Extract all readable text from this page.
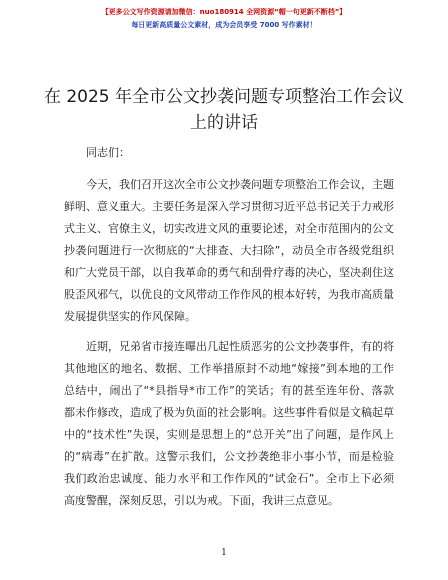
【更多公文写作资源请加微信：nuo180914 全网资源“帽一句更新不断档”】
每日更新高质量公文素材，成为会员享受 7000 写作素材！
在 2025 年全市公文抄袭问题专项整治工作会议上的讲话

同志们：

今天，我们召开这次全市公文抄袭问题专项整治工作会议，主题鲜明、意义重大。主要任务是深入学习贯彻习近平总书记关于力戒形式主义、官僚主义，切实改进文风的重要论述，对全市范围内的公文抄袭问题进行一次彻底的“大排查、大扫除”，动员全市各级党组织和广大党员干部，以自我革命的勇气和刮骨疗毒的决心，坚决刹住这股歪风邪气，以优良的文风带动工作作风的根本好转，为我市高质量发展提供坚实的作风保障。

近期，兄弟省市接连曝出几起性质恶劣的公文抄袭事件，有的将其他地区的地名、数据、工作举措原封不动地“嫁接”到本地的工作总结中，闹出了“*县指导*市工作”的笑话；有的甚至连年份、落款都未作修改，造成了极为负面的社会影响。这些事件看似是文稿起草中的“技术性”失误，实则是思想上的“总开关”出了问题，是作风上的“病毒”在扩散。这警示我们，公文抄袭绝非小事小节，而是检验我们政治忠诚度、能力水平和工作作风的“试金石”。全市上下必须高度警醒，深刻反思，引以为戒。下面，我讲三点意见。

1
